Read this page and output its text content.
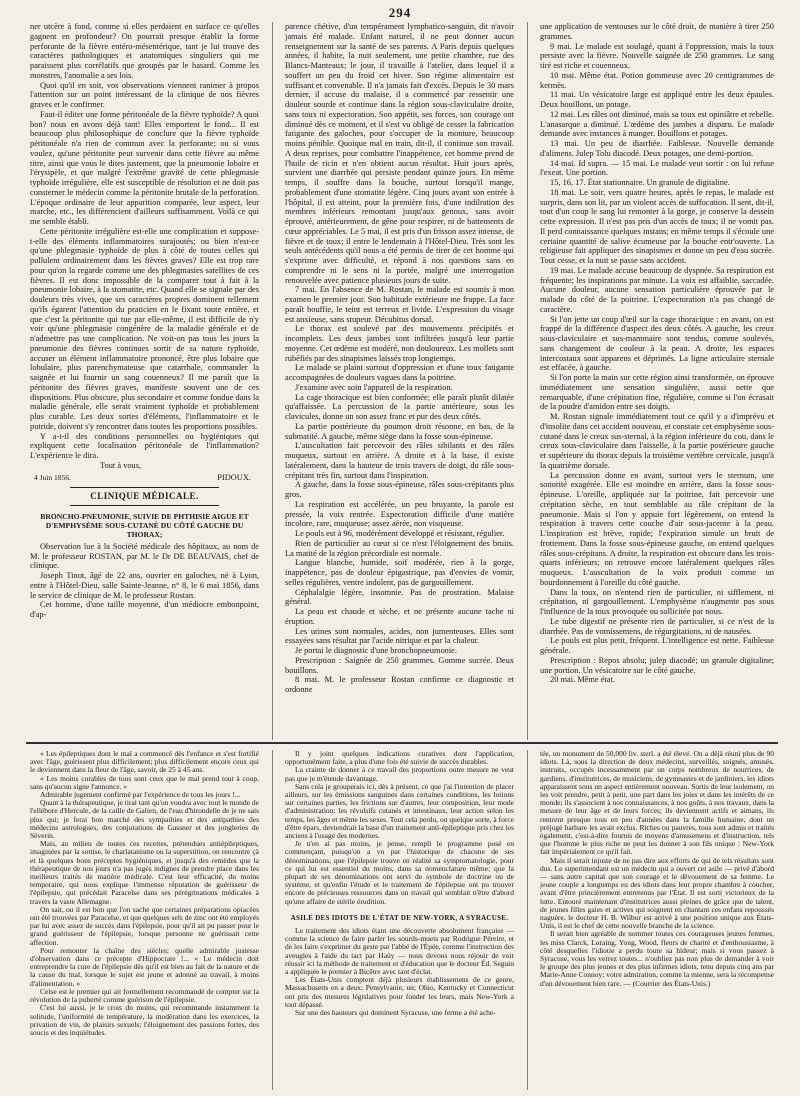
294

ner utcère à fond, comme si elles perdaient en surface ce qu'elles gagnent en profondeur? On pourrait presque établir la forme perforante de la fièvre entéro-mésentérique, tant je lui trouve des caractères pathologiques et anatomiques singuliers qui me paraissent plus corrélatifs que groupés par le hasard. Comme les monstres, l'anomalie a ses lois.

Quoi qu'il en soit, vos observations viennent ranimer à propos l'attention sur un point intéressant de la clinique de nos fièvres graves et le confirmer.

Faut-il éditer une forme péritonéale de la fièvre typhoïde? A quoi bon? nous en avons déjà tant! Elles emportent le fond... Il est beaucoup plus philosophique de conclure que la fièvre typhoïde péritonéale n'a rien de commun avec la perforante; ou si vous voulez, qu'une péritonite peut survenir dans cette fièvre au même titre, ainsi que vous le dites justement, que la pneumonie lobaire et l'érysipèle, et que malgré l'extrême gravité de cette phlegmasie typhoïde irrégulière, elle est susceptible de résolution et ne doit pas consterner le médecin comme la péritonite brutale de la perforation. L'époque ordinaire de leur apparition comparée, leur aspect, leur marche, etc., les différencient d'ailleurs suffisamment. Voilà ce qui me semble établi.

Cette péritonite irrégulière est-elle une complication et suppose-t-elle des éléments inflammatoires surajoutés; ou bien n'est-ce qu'une phlegmasie typhoïde de plus à côté de toutes celles qui pullulent ordinairement dans les fièvres graves? Elle est trop rare pour qu'on la regarde comme une des phlegmasies satellites de ces fièvres. Il est donc impossible de la comparer tout à fait à la pneumonie lobaire, à la stomatite, etc. Quand elle se signale par des douleurs très vives, que ses caractères propres dominent tellement qu'ils égarent l'attention du praticien en le fixant toute entière, et que c'est la péritonite qui tue par elle-même, il est difficile de n'y voir qu'une phlegmasie congénère de la maladie générale et de n'admettre pas une complication. Ne voit-on pas tous les jours la pneumonie des fièvres continues sortir de sa nature typhoïde, accuser un élément inflammatoire prononcé, être plus lobaire que lobulaire, plus parenchymateuse que catarrhale, commander la saignée et lui fournir un sang couenneux? Il me paraît que la péritonite des fièvres graves, manifeste souvent une de ces dispositions. Plus obscure, plus secondaire et comme fondue dans la maladie générale, elle serait vraiment typhoïde et probablement plus curable. Les deux sortes d'éléments, l'inflammatoire et le putride, doivent s'y rencontrer dans toutes les proportions possibles.

Y a-t-il des conditions personnelles ou hygiéniques qui expliquent cette localisation péritonéale de l'inflammation? L'expérience le dira.

Tout à vous,

PIDOUX.
4 Juin 1856.
CLINIQUE MÉDICALE.
BRONCHO-PNEUMONIE, SUIVIE DE PHTHISIE AIGUE ET D'EMPHYSÈME SOUS-CUTANÉ DU CÔTÉ GAUCHE DU THORAX;

Observation lue à la Société médicale des hôpitaux, au nom de M. le professeur ROSTAN, par M. le Dr DE BEAUVAIS, chef de clinique.

Joseph Tinot, âgé de 22 ans, ouvrier en galoches, né à Lyon, entre à l'Hôtel-Dieu, salle Sainte-Jeanne, n° 8, le 6 mai 1856, dans le service de clinique de M. le professeur Rostan.

Cet homme, d'une taille moyenne, d'un médiocre embonpoint, d'ap-

parence chétive, d'un tempérament lymphatico-sanguin, dit n'avoir jamais été malade. Enfant naturel, il ne peut donner aucun renseignement sur la santé de ses parents. A Paris depuis quelques années, il habite, la nuit seulement, une petite chambre, rue des Blancs-Manteaux; le jour, il travaille à l'atelier, dans lequel il a souffert un peu du froid cet hiver. Son régime alimentaire est suffisant et convenable. Il n'a jamais fait d'excès. Depuis le 30 mars dernier, il accuse du malaise, il a commencé par ressentir une douleur sourde et continue dans la région sous-claviculaire droite, sans toux ni expectoration. Son appétit, ses forces, son courage ont diminué dès ce moment, et il s'est vu obligé de cesser la fabrication fatigante des galoches, pour s'occuper de la monture, beaucoup moins pénible. Quoique mal en train, dit-il, il continue son travail. A deux reprises, pour combattre l'inappétence, cet homme prend de l'huile de ricin et n'en obtient aucun résultat. Huit jours après, survient une diarrhée qui persiste pendant quinze jours. En même temps, il souffre dans la bouche, surtout lorsqu'il mange, probablement d'une stomatite légère. Cinq jours avant son entrée à l'hôpital, il est atteint, pour la première fois, d'une indilration des membres inférieurs remontant jusqu'aux genoux, sans avoir éprouvé, antérieurement, de gêne pour respirer, ni de battements de cœur appréciables. Le 5 mai, il est pris d'un frisson assez intense, de fièvre et de toux; il entre le lendemain à l'Hôtel-Dieu. Très sont les seuls antécédents qu'il nous a été permis de tirer de cet homme qui s'exprime avec difficulté, et répond à nos questions sans en comprendre ni le sens ni la portée, malgré une interrogation renouvelée avec patience plusieurs jours de suite.

7 mai. En l'absence de M. Rostan, le malade est soumis à mon examen le premier jour. Son habitude extérieure me frappe. La face paraît bouffie, le teint est terreux et livide. L'expression du visage est anxieuse, sans stupeur. Décubitus dorsal.

Le thorax est soulevé par des mouvements précipités et incomplets. Les deux jambes sont infiltrées jusqu'à leur partie moyenne. Cet œdème est modéré, non douloureux. Les mollets sont rubéfiés par des sinapismes laissés trop longtemps.

Le malade se plaint surtout d'oppression et d'une toux fatigante accompagnées de douleurs vagues dans la poitrine.

J'examine avec soin l'appareil de la respiration.

La cage thoracique est bien conformée; elle paraît plutôt dilatée qu'affaissée. La percussion de la partie antérieure, sous les clavicules, donne un son assez franc et pur des deux côtés.

La partie postérieure du poumon droit résonne, en bas, de la submatité. A gauche, même siège dans la fosse sous-épineuse.

L'auscultation fait percevoir des râles sibilants et des râles muqueux, surtout en arrière. A droite et à la base, il existe latéralement, dans la hauteur de trois travers de doigt, du râle sous-crépitant très fin, surtout dans l'inspiration.

A gauche, dans la fosse sous-épineuse, râles sous-crépitants plus gros.

La respiration est accélérée, un peu bruyante, la parole est pressée, la voix rentrée. Expectoration difficile d'une matière incolore, rare, muqueuse; assez aérée, non visqueuse.

Le pouls est à 96, modérément développé et résistant, régulier.

Rien de particulier au cœur si ce n'est l'éloignement des bruits. La matité de la région précordiale est normale.

Langue blanche, humide, soif modérée, rien à la gorge, inappétence, pas de douleur épigastrique, pas d'envies de vomir, selles régulières, ventre indolent, pas de gargouillement.

Céphalalgie légère, insomnie. Pas de prostration. Malaise général.

La peau est chaude et sèche, et ne présente aucune tache ni éruption.

Les urines sont normales, acides, non jumenteuses. Elles sont essayées sans résultat par l'acide nitrique et par la chaleur.

Je portai le diagnostic d'une bronchopneumonie.

Prescription : Saignée de 250 grammes. Gomme sucrée. Deux bouillons.

8 mai. M. le professeur Rostan confirme ce diagnostic et ordonne

une application de ventouses sur le côté droit, de manière à tirer 250 grammes.

9 mai. Le malade est soulagé, quant à l'oppression, mais la toux persiste avec la fièvre. Nouvelle saignée de 250 grammes. Le sang tiré est riche et couenneux.

10 mai. Même état. Potion gommeuse avec 20 centigrammes de kermès.

11 mai. Un vésicatoire large est appliqué entre les deux épaules. Deux bouillons, un potage.

12 mai. Les râles ont diminué, mais sa toux est opiniâtre et rebelle. L'anasarque a diminué. L'œdème des jambes a disparu. Le malade demande avec instances à manger. Bouillons et potages.

13 mai. Un peu de diarrhée. Faiblesse. Nouvelle demande d'alimens. Julep Tolu diacodé. Deux potages, une demi-portion.

14 mai. Id supra. — 15 mai. Le malade veut sortir : on lui refuse l'exeat. Une portion.

15, 16, 17. État stationnaire. Un granule de digitaline.

18 mai. Le soir, vers quatre heures, après le repas, le malade est surpris, dans son lit, par un violent accès de suffocation. Il sent, dit-il, tout d'un coup le sang lui remonter à la gorge, je conserve la dessein cette expression. Il n'est pas pris d'un accès de toux; il ne vomit pas. Il perd connaissance quelques instans; en même temps il s'écoule une certaine quantité de salive écumeuse par la bouche entr'ouverte. La religieuse fait appliquer des sinapismes et donne un peu d'eau sucrée. Tout cesse, et la nuit se passe sans accident.

19 mai. Le malade accuse beaucoup de dyspnée. Sa respiration est fréquente; les inspirations par minute. La voix est affaiblie, saccadée. Aucune douleur, aucune sensation particulière éprouvée par le malade du côté de la poitrine. L'expectoration n'a pas changé de caractère.

Si l'on jette un coup d'œil sur la cage thoracique : en avant, on est frappé de la différence d'aspect des deux côtés. A gauche, les creux sous-claviculaire et sus-mammaire sont tendus, comme soulevés, sans changement de couleur à la peau. A droite, les espaces intercostaux sont apparens et déprimés. La ligne articulaire sternale est effacée, à gauche.

Si l'on porte la main sur cette région ainsi transformée, on éprouve immédiatement une sensation singulière, aussi nette que remarquable, d'une crépitation fine, régulière, comme si l'on écrasait de la poudre d'amidon entre ses doigts.

M. Rostan signale immédiatement tout ce qu'il y a d'imprévu et d'insolite dans cet accident nouveau, et constate cet emphysème sous-cutané dans le creux sus-sternal, à la région inférieure du cou, dans le creux sous-claviculaire dans l'aisselle, à la partie postérieure gauche et supérieure du thorax depuis la troisième vertèbre cervicale, jusqu'à la quatrième dorsale.

La percussion donne en avant, surtout vers le sternum, une sonorité exagérée. Elle est moindre en arrière, dans la fosse sous-épineuse. L'oreille, appliquée sur la poitrine, fait percevoir une crépitation sèche, en tout semblable au râle crépitant de la pneumonie. Mais si l'on y appuie fort légèrement, on entend la respiration à travers cette couche d'air sous-jacente à la peau. L'inspiration est brève, rapide; l'expiration simule un bruit de frottement. Dans la fosse sous-épineuse gauche, on entend quelques râles sous-crépitans. A droite, la respiration est obscure dans les trois-quarts inférieurs; on retrouve encore latéralement quelques râles muqueux. L'auscultation de la voix produit comme un bourdonnement à l'oreille du côté gauche.

Dans la toux, on n'entend rien de particulier, ni sifflement, ni crépitation, ni gargouillement. L'emphysème n'augmente pas sous l'influence de la toux provoquée ou sollicitée par nous.

Le tube digestif ne présente rien de particulier, si ce n'est de la diarrhée. Pas de vomissemens, de régurgitations, ni de nausées.

Le pouls est plus petit, fréquent. L'intelligence est nette. Faiblesse générale.

Prescription : Repos absolu; julep diacodé; un granule digitaline; une portion. Un vésicatoire sur le côté gauche.

20 mai. Même état.

« Les épileptiques dont le mal a commencé dès l'enfance et s'est fortifié avec l'âge, guérissent plus difficilement; plus difficilement encore ceux qui le deviennent dans la fleur de l'âge, savoir, de 25 à 45 ans.

« Les moins curables de tous sont ceux que le mal prend tout à coup, sans qu'aucun signe l'annonce. »

Admirable jugement confirmé par l'expérience de tous les jours !...

Quant à la thérapeutique, je tirai tant qu'on voudra avec tout le monde de l'ellébore d'Hercule, de la caille de Galien, de l'eau d'hirondelle de je ne sais plus qui; je ferai bon marché des sympathies et des antipathies des médecins astrologues, des conjurations de Gassner et des jongleries de Séverin.

Mais, au milieu de toutes ces recettes, prétendues antiépileptiques, imaginées par la sottise, le charlatanisme ou la superstition, on rencontre çà et là quelques bons préceptes hygiéniques, et jusqu'à des remèdes que la thérapeutique de nos jours n'a pas jugés indignes de prendre place dans les meilleurs traités de matière médicale. C'est leur efficacité, du moins temporaire, qui nous explique l'immense réputation de guérisseur de l'épilepsie, qui précédait Paracelse dans ses pérégrinations médicales à travers la vaste Allemagne.

On sait, ou il est bon que l'on sache que certaines préparations opiacées ont été trouvées par Paracelse, et que quelques sels de zinc ont été employés par lui avec assez de succès dans l'épilepsie, pour qu'il ait pu passer pour le grand guérisseur de l'épilepsie, lorsque personne ne guérissait cette affection.

Pour remonter la chaîne des siècles; quelle admirable justesse d'observation dans ce précepte d'Hippocrate !... « Le médecin doit entreprendre la cure de l'épilepsie dès qu'il est bien au fait de la nature et de la cause du mal, lorsque le sujet est jeune et adonné au travail, à moins d'alimentation. »

Celse est le premier qui ait formellement recommandé de compter sur la révolution de la puberté comme guérison de l'épilepsie.

C'est lui aussi, je le crois du moins, qui recommande instamment la solitude, l'uniformité de température, la modération dans les exercices, la privation de vin, de plaisirs sexuels; l'éloignement des passions fortes, des soucis et des inquiétudes.

Il y joint quelques indications curatives dont l'application, opportunément faite, a plus d'une fois été suivie de succès durables.

La crainte de donner à ce travail des proportions outre mesure ne veut pas que je m'étende davantage.

Sans cela je grouperais ici, dès à présent, ce que j'ai l'intention de placer ailleurs, sur les émissions sanguines dans certaines conditions, les lotions sur certaines parties, les frictions sur d'autres, leur composition, leur mode d'administration; les révulsifs cutanés et intestinaux, leur action selon les temps, les âges et même les sexes. Tout cela perdu, ou quelque sorte, à force d'être épars, deviendrait la base d'un traitement anti-épileptique pris chez les anciens à l'usage des modernes.

Je n'en ai pas moins, je pense, rempli le programme posé en commençant, puisqu'on a vu par l'historique de chacune de ses dénominations, que l'épilepsie trouve en réalité sa symptomatologie, pour ce qui lui est essentiel du moins, dans sa nomenclature même; que la plupart de ses dénominations ont servi de symbole de doctrine ou de système, et qu'enfin l'étude et le traitement de l'épilepsie ont pu trouver encore de précieuses ressources dans un travail qui semblait n'être d'abord qu'une affaire de stérile érudition.

ASILE DES IDIOTS DE L'ÉTAT DE NEW-YORK, A SYRACUSE.

Le traitement des idiots étant une découverte absolument française — comme la science de faire parler les sourds-muets par Rodrigue Péreire, et de les faire s'exprimer du geste par l'abbé de l'Épée, comme l'instruction des aveugles à l'aide du tact par Haüy — nous devons nous réjouir de voir réussir ici la méthode de traitement et d'éducation que le docteur Éd. Seguin a appliquée le premier à Bicêtre avec tant d'éclat.

Les États-Unis comptent déjà plusieurs établissemens de ce genre, Massachusetts en a deux; Pensylvanie, un; Ohio, Kentucky et Connecticut ont pris des mesures législatives pour fonder les leurs, mais New-York a tout dépassé.

Sur une des hauteurs qui dominent Syracuse, une ferme a été ache-

tée, un monument de 50,000 liv. sterl. a été élevé. On a déjà réuni plus de 90 idiots. Là, sous la direction de deux médecins, surveillés, soignés, amusés, instruits, occupés incessamment par un corps nombreux de nourrices, de gardiens, d'institutrices, de musiciens, de gymnastes et de jardiniers, les idiots apparaissent sous un aspect entièrement nouveau. Sortis de leur isolement, on les voit prendre, petit à petit, une part dans les joies et dans les intérêts de ce monde; ils s'associent à nos connaissances, à nos goûts, à nos travaux, dans la mesure de leur âge et de leurs forces; ils deviennent actifs et aimans, ils rentrent presque tous en peu d'années dans la famille humaine, dont un préjugé barbare les avait exclus. Riches ou pauvres, tous sont admis et traités également, c'est-à-dire fournis de moyens d'amusemens et d'instruction, tels que l'homme le plus riche ne peut les donner à son fils unique : New-York fait impérialement ce qu'il fait.

Mais il serait injuste de ne pas dire aux efforts de qui de tels résultats sont dus. Le superintendant est un médecin qui a ouvert cet asile — privé d'abord — sans autre capital que son courage et le dévouement de sa femme. Le jeune couple a longtemps eu des idiots dans leur propre chambre à coucher, avant d'être princièrement entretenus par l'État. Il est sorti victorieux de la lutte. Entouré maintenant d'institutrices aussi pleines de grâce que de talent, de jeunes filles gaies et actives qui soignent en chantant ces enfans repoussés naguère, le docteur H. B. Wilbur est arrivé à une position unique aux États-Unis, il est le chef de cette nouvelle branche de la science.

Il serait bien agréable de nommer toutes ces courageuses jeunes femmes, les miss Clarck, Loraing, Yong, Wood, fleurs de charité et d'enthousiasme, à côté desquelles l'idiotie a perdu toute sa hideur; mais si vous passez à Syracuse, vous les verrez toutes... n'oubliez pas non plus de demander à voir le groupe des plus jeunes et des plus infirmes idiots, tenu depuis cinq ans par Marie-Anne Connoy; votre admiration, comme la mienne, sera la récompense d'un dévouement bien rare. — (Courrier des États-Unis.)
